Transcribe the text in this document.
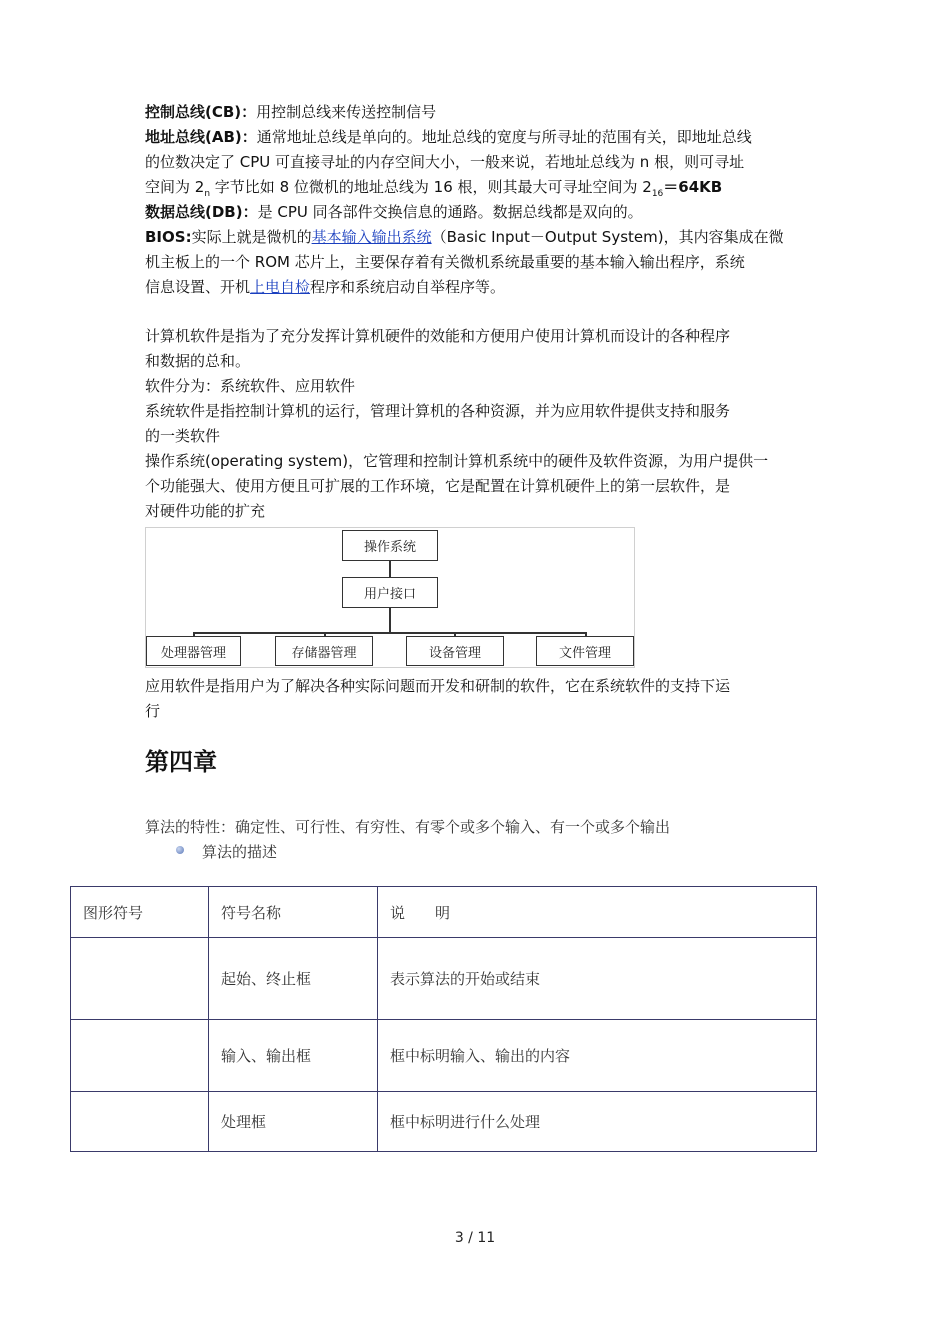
控制总线(CB)：用控制总线来传送控制信号
地址总线(AB)：通常地址总线是单向的。地址总线的宽度与所寻址的范围有关，即地址总线
的位数决定了 CPU 可直接寻址的内存空间大小，一般来说，若地址总线为 n 根，则可寻址
空间为 $2_n$ 字节比如 8 位微机的地址总线为 16 根，则其最大可寻址空间为 $2_{16}=64KB$
数据总线(DB)：是 CPU 同各部件交换信息的通路。数据总线都是双向的。
BIOS:实际上就是微机的基本输入输出系统（Basic Input－Output System)，其内容集成在微
机主板上的一个 ROM 芯片上，主要保存着有关微机系统最重要的基本输入输出程序，系统
信息设置、开机上电自检程序和系统启动自举程序等。
计算机软件是指为了充分发挥计算机硬件的效能和方便用户使用计算机而设计的各种程序
和数据的总和。
软件分为：系统软件、应用软件
系统软件是指控制计算机的运行，管理计算机的各种资源，并为应用软件提供支持和服务
的一类软件
操作系统(operating system)，它管理和控制计算机系统中的硬件及软件资源，为用户提供一
个功能强大、使用方便且可扩展的工作环境，它是配置在计算机硬件上的第一层软件，是
对硬件功能的扩充
操作系统
用户接口
处理器管理	存储器管理	设备管理	文件管理
应用软件是指用户为了解决各种实际问题而开发和研制的软件，它在系统软件的支持下运
行
第四章
算法的特性：确定性、可行性、有穷性、有零个或多个输入、有一个或多个输出
算法的描述
图形符号	符号名称	说　　明
	起始、终止框	表示算法的开始或结束
	输入、输出框	框中标明输入、输出的内容
	处理框	框中标明进行什么处理
3 / 11
